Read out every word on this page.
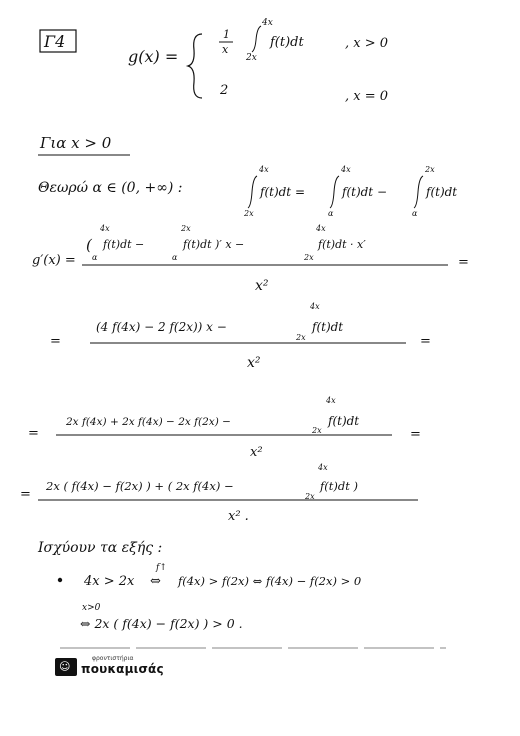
Γ4
g(x) =
1
x
4x
2x
f(t)dt	, x > 0
2	, x = 0
Για x > 0
Θεωρώ α ∈ (0, +∞) :
4x
2x
f(t)dt =
4x
α
f(t)dt −
2x
α
f(t)dt
g′(x) =
(
4x
α
f(t)dt −
2x
α
f(t)dt )′ x −
4x
2x
f(t)dt · x′
x²
=
=
(4 f(4x) − 2 f(2x)) x −
4x
2x
f(t)dt
x²
=
=
2x f(4x) + 2x f(4x) − 2x f(2x) −
4x
2x
f(t)dt
x²
=
=
2x ( f(4x) − f(2x) ) + ( 2x f(4x) −
4x
2x
f(t)dt )
x² .
Ισχύουν τα εξής :
4x > 2x
f↑
⇔ f(4x) > f(2x) ⇔ f(4x) − f(2x) > 0
x>0
⇔ 2x ( f(4x) − f(2x) ) > 0 .
☺
φροντιστήρια
πουκαμισάς
